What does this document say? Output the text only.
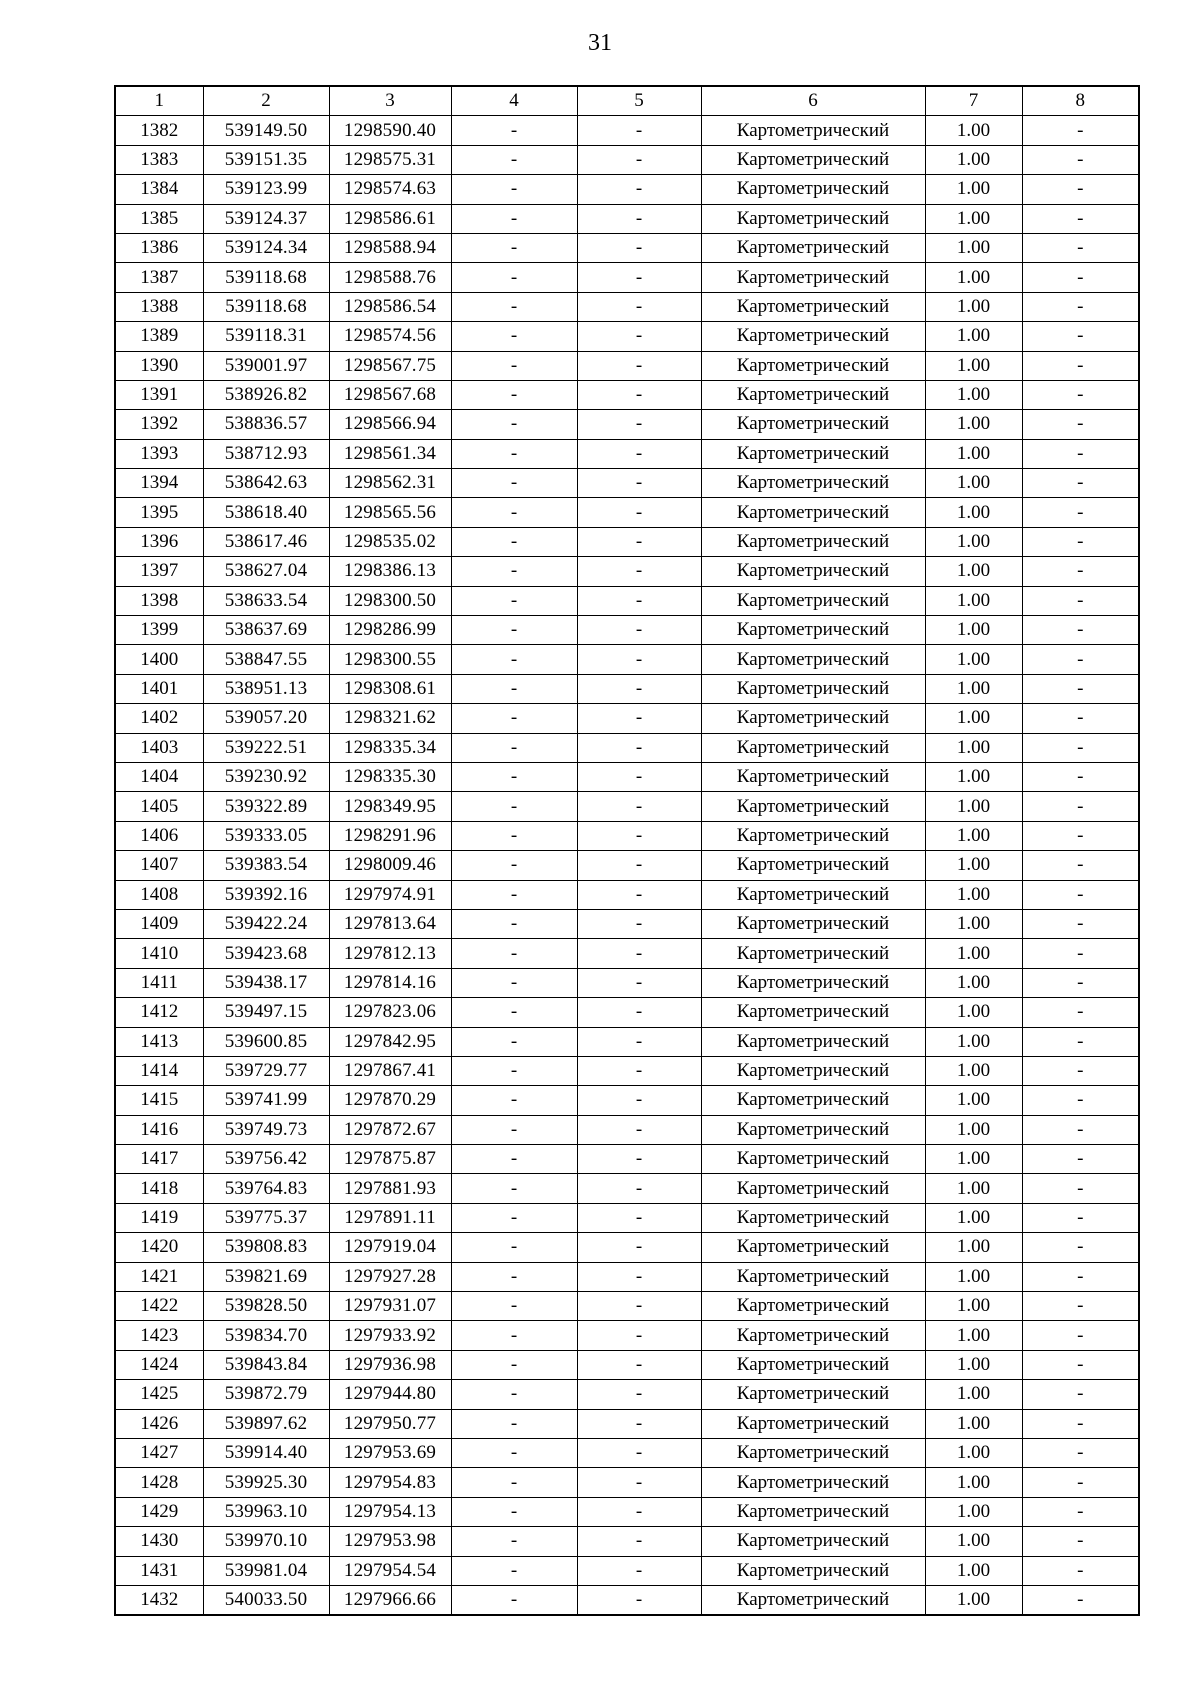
31
1	2	3	4	5	6	7	8
1382	539149.50	1298590.40	-	-	Картометрический	1.00	-
1383	539151.35	1298575.31	-	-	Картометрический	1.00	-
1384	539123.99	1298574.63	-	-	Картометрический	1.00	-
1385	539124.37	1298586.61	-	-	Картометрический	1.00	-
1386	539124.34	1298588.94	-	-	Картометрический	1.00	-
1387	539118.68	1298588.76	-	-	Картометрический	1.00	-
1388	539118.68	1298586.54	-	-	Картометрический	1.00	-
1389	539118.31	1298574.56	-	-	Картометрический	1.00	-
1390	539001.97	1298567.75	-	-	Картометрический	1.00	-
1391	538926.82	1298567.68	-	-	Картометрический	1.00	-
1392	538836.57	1298566.94	-	-	Картометрический	1.00	-
1393	538712.93	1298561.34	-	-	Картометрический	1.00	-
1394	538642.63	1298562.31	-	-	Картометрический	1.00	-
1395	538618.40	1298565.56	-	-	Картометрический	1.00	-
1396	538617.46	1298535.02	-	-	Картометрический	1.00	-
1397	538627.04	1298386.13	-	-	Картометрический	1.00	-
1398	538633.54	1298300.50	-	-	Картометрический	1.00	-
1399	538637.69	1298286.99	-	-	Картометрический	1.00	-
1400	538847.55	1298300.55	-	-	Картометрический	1.00	-
1401	538951.13	1298308.61	-	-	Картометрический	1.00	-
1402	539057.20	1298321.62	-	-	Картометрический	1.00	-
1403	539222.51	1298335.34	-	-	Картометрический	1.00	-
1404	539230.92	1298335.30	-	-	Картометрический	1.00	-
1405	539322.89	1298349.95	-	-	Картометрический	1.00	-
1406	539333.05	1298291.96	-	-	Картометрический	1.00	-
1407	539383.54	1298009.46	-	-	Картометрический	1.00	-
1408	539392.16	1297974.91	-	-	Картометрический	1.00	-
1409	539422.24	1297813.64	-	-	Картометрический	1.00	-
1410	539423.68	1297812.13	-	-	Картометрический	1.00	-
1411	539438.17	1297814.16	-	-	Картометрический	1.00	-
1412	539497.15	1297823.06	-	-	Картометрический	1.00	-
1413	539600.85	1297842.95	-	-	Картометрический	1.00	-
1414	539729.77	1297867.41	-	-	Картометрический	1.00	-
1415	539741.99	1297870.29	-	-	Картометрический	1.00	-
1416	539749.73	1297872.67	-	-	Картометрический	1.00	-
1417	539756.42	1297875.87	-	-	Картометрический	1.00	-
1418	539764.83	1297881.93	-	-	Картометрический	1.00	-
1419	539775.37	1297891.11	-	-	Картометрический	1.00	-
1420	539808.83	1297919.04	-	-	Картометрический	1.00	-
1421	539821.69	1297927.28	-	-	Картометрический	1.00	-
1422	539828.50	1297931.07	-	-	Картометрический	1.00	-
1423	539834.70	1297933.92	-	-	Картометрический	1.00	-
1424	539843.84	1297936.98	-	-	Картометрический	1.00	-
1425	539872.79	1297944.80	-	-	Картометрический	1.00	-
1426	539897.62	1297950.77	-	-	Картометрический	1.00	-
1427	539914.40	1297953.69	-	-	Картометрический	1.00	-
1428	539925.30	1297954.83	-	-	Картометрический	1.00	-
1429	539963.10	1297954.13	-	-	Картометрический	1.00	-
1430	539970.10	1297953.98	-	-	Картометрический	1.00	-
1431	539981.04	1297954.54	-	-	Картометрический	1.00	-
1432	540033.50	1297966.66	-	-	Картометрический	1.00	-
